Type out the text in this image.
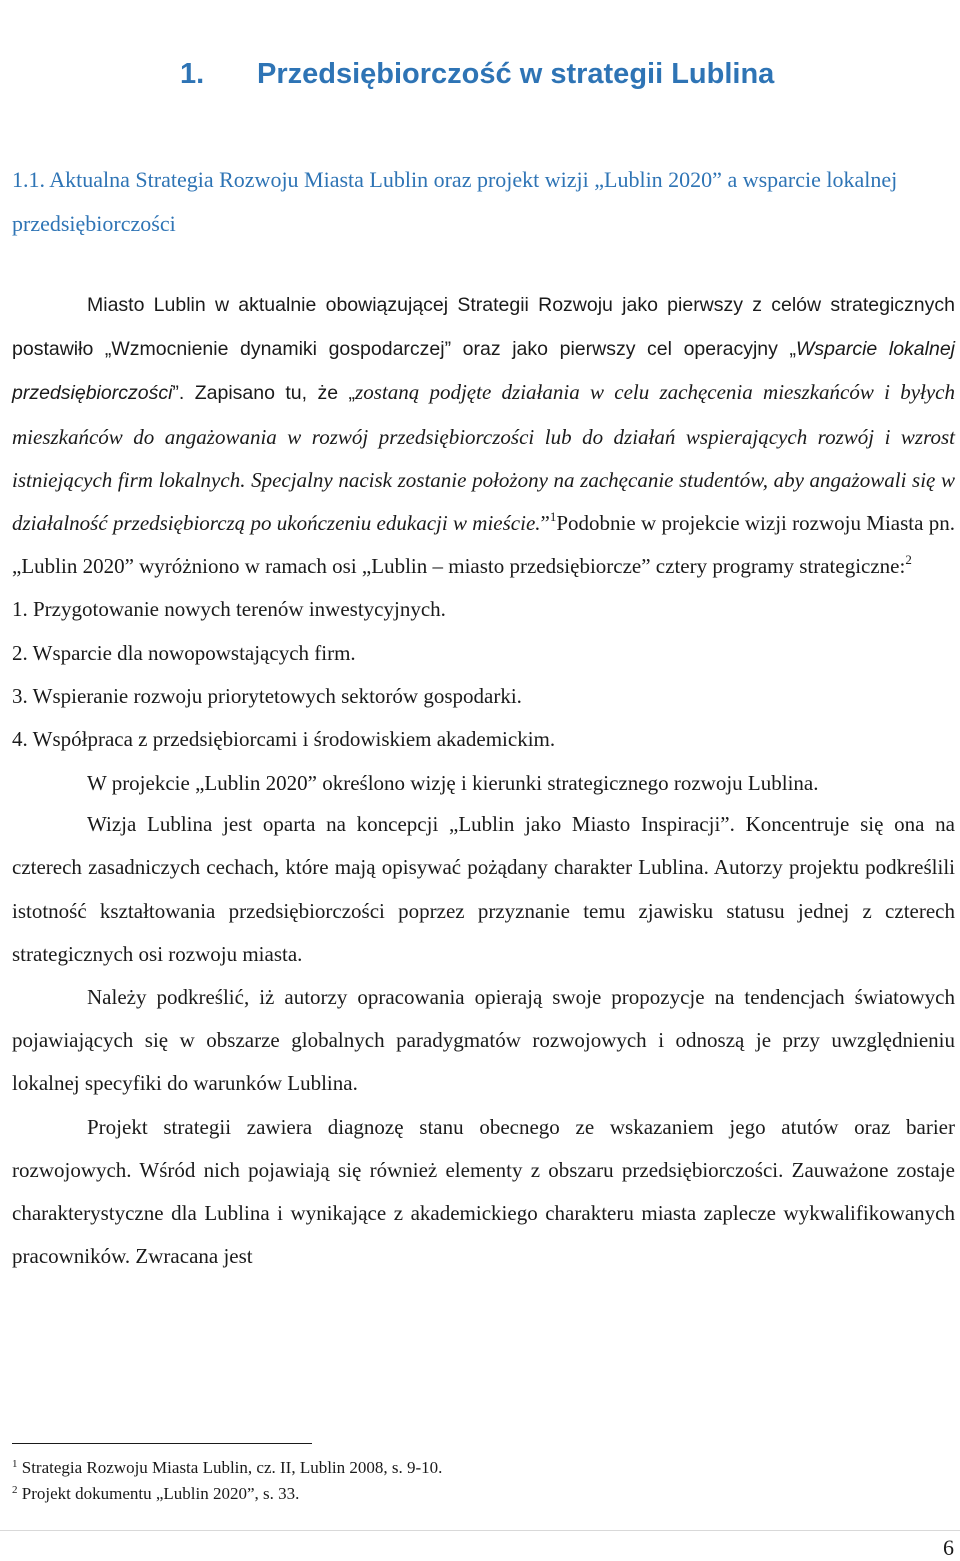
1. Przedsiębiorczość w strategii Lublina
1.1. Aktualna Strategia Rozwoju Miasta Lublin oraz projekt wizji „Lublin 2020” a wsparcie lokalnej przedsiębiorczości

Miasto Lublin w aktualnie obowiązującej Strategii Rozwoju jako pierwszy z celów strategicznych postawiło „Wzmocnienie dynamiki gospodarczej” oraz jako pierwszy cel operacyjny „Wsparcie lokalnej przedsiębiorczości”. Zapisano tu, że „zostaną podjęte działania w celu zachęcenia mieszkańców i byłych mieszkańców do angażowania w rozwój przedsiębiorczości lub do działań wspierających rozwój i wzrost istniejących firm lokalnych. Specjalny nacisk zostanie położony na zachęcanie studentów, aby angażowali się w działalność przedsiębiorczą po ukończeniu edukacji w mieście.”$^1$Podobnie w projekcie wizji rozwoju Miasta pn. „Lublin 2020” wyróżniono w ramach osi „Lublin – miasto przedsiębiorcze” cztery programy strategiczne:$^2$

1. Przygotowanie nowych terenów inwestycyjnych.

2. Wsparcie dla nowopowstających firm.

3. Wspieranie rozwoju priorytetowych sektorów gospodarki.

4. Współpraca z przedsiębiorcami i środowiskiem akademickim.

W projekcie „Lublin 2020” określono wizję i kierunki strategicznego rozwoju Lublina.

Wizja Lublina jest oparta na koncepcji „Lublin jako Miasto Inspiracji”. Koncentruje się ona na czterech zasadniczych cechach, które mają opisywać pożądany charakter Lublina. Autorzy projektu podkreślili istotność kształtowania przedsiębiorczości poprzez przyznanie temu zjawisku statusu jednej z czterech strategicznych osi rozwoju miasta.

Należy podkreślić, iż autorzy opracowania opierają swoje propozycje na tendencjach światowych pojawiających się w obszarze globalnych paradygmatów rozwojowych i odnoszą je przy uwzględnieniu lokalnej specyfiki do warunków Lublina.

Projekt strategii zawiera diagnozę stanu obecnego ze wskazaniem jego atutów oraz barier rozwojowych. Wśród nich pojawiają się również elementy z obszaru przedsiębiorczości. Zauważone zostaje charakterystyczne dla Lublina i wynikające z akademickiego charakteru miasta zaplecze wykwalifikowanych pracowników. Zwracana jest

$^1$ Strategia Rozwoju Miasta Lublin, cz. II, Lublin 2008, s. 9-10.

$^2$ Projekt dokumentu „Lublin 2020”, s. 33.

6
